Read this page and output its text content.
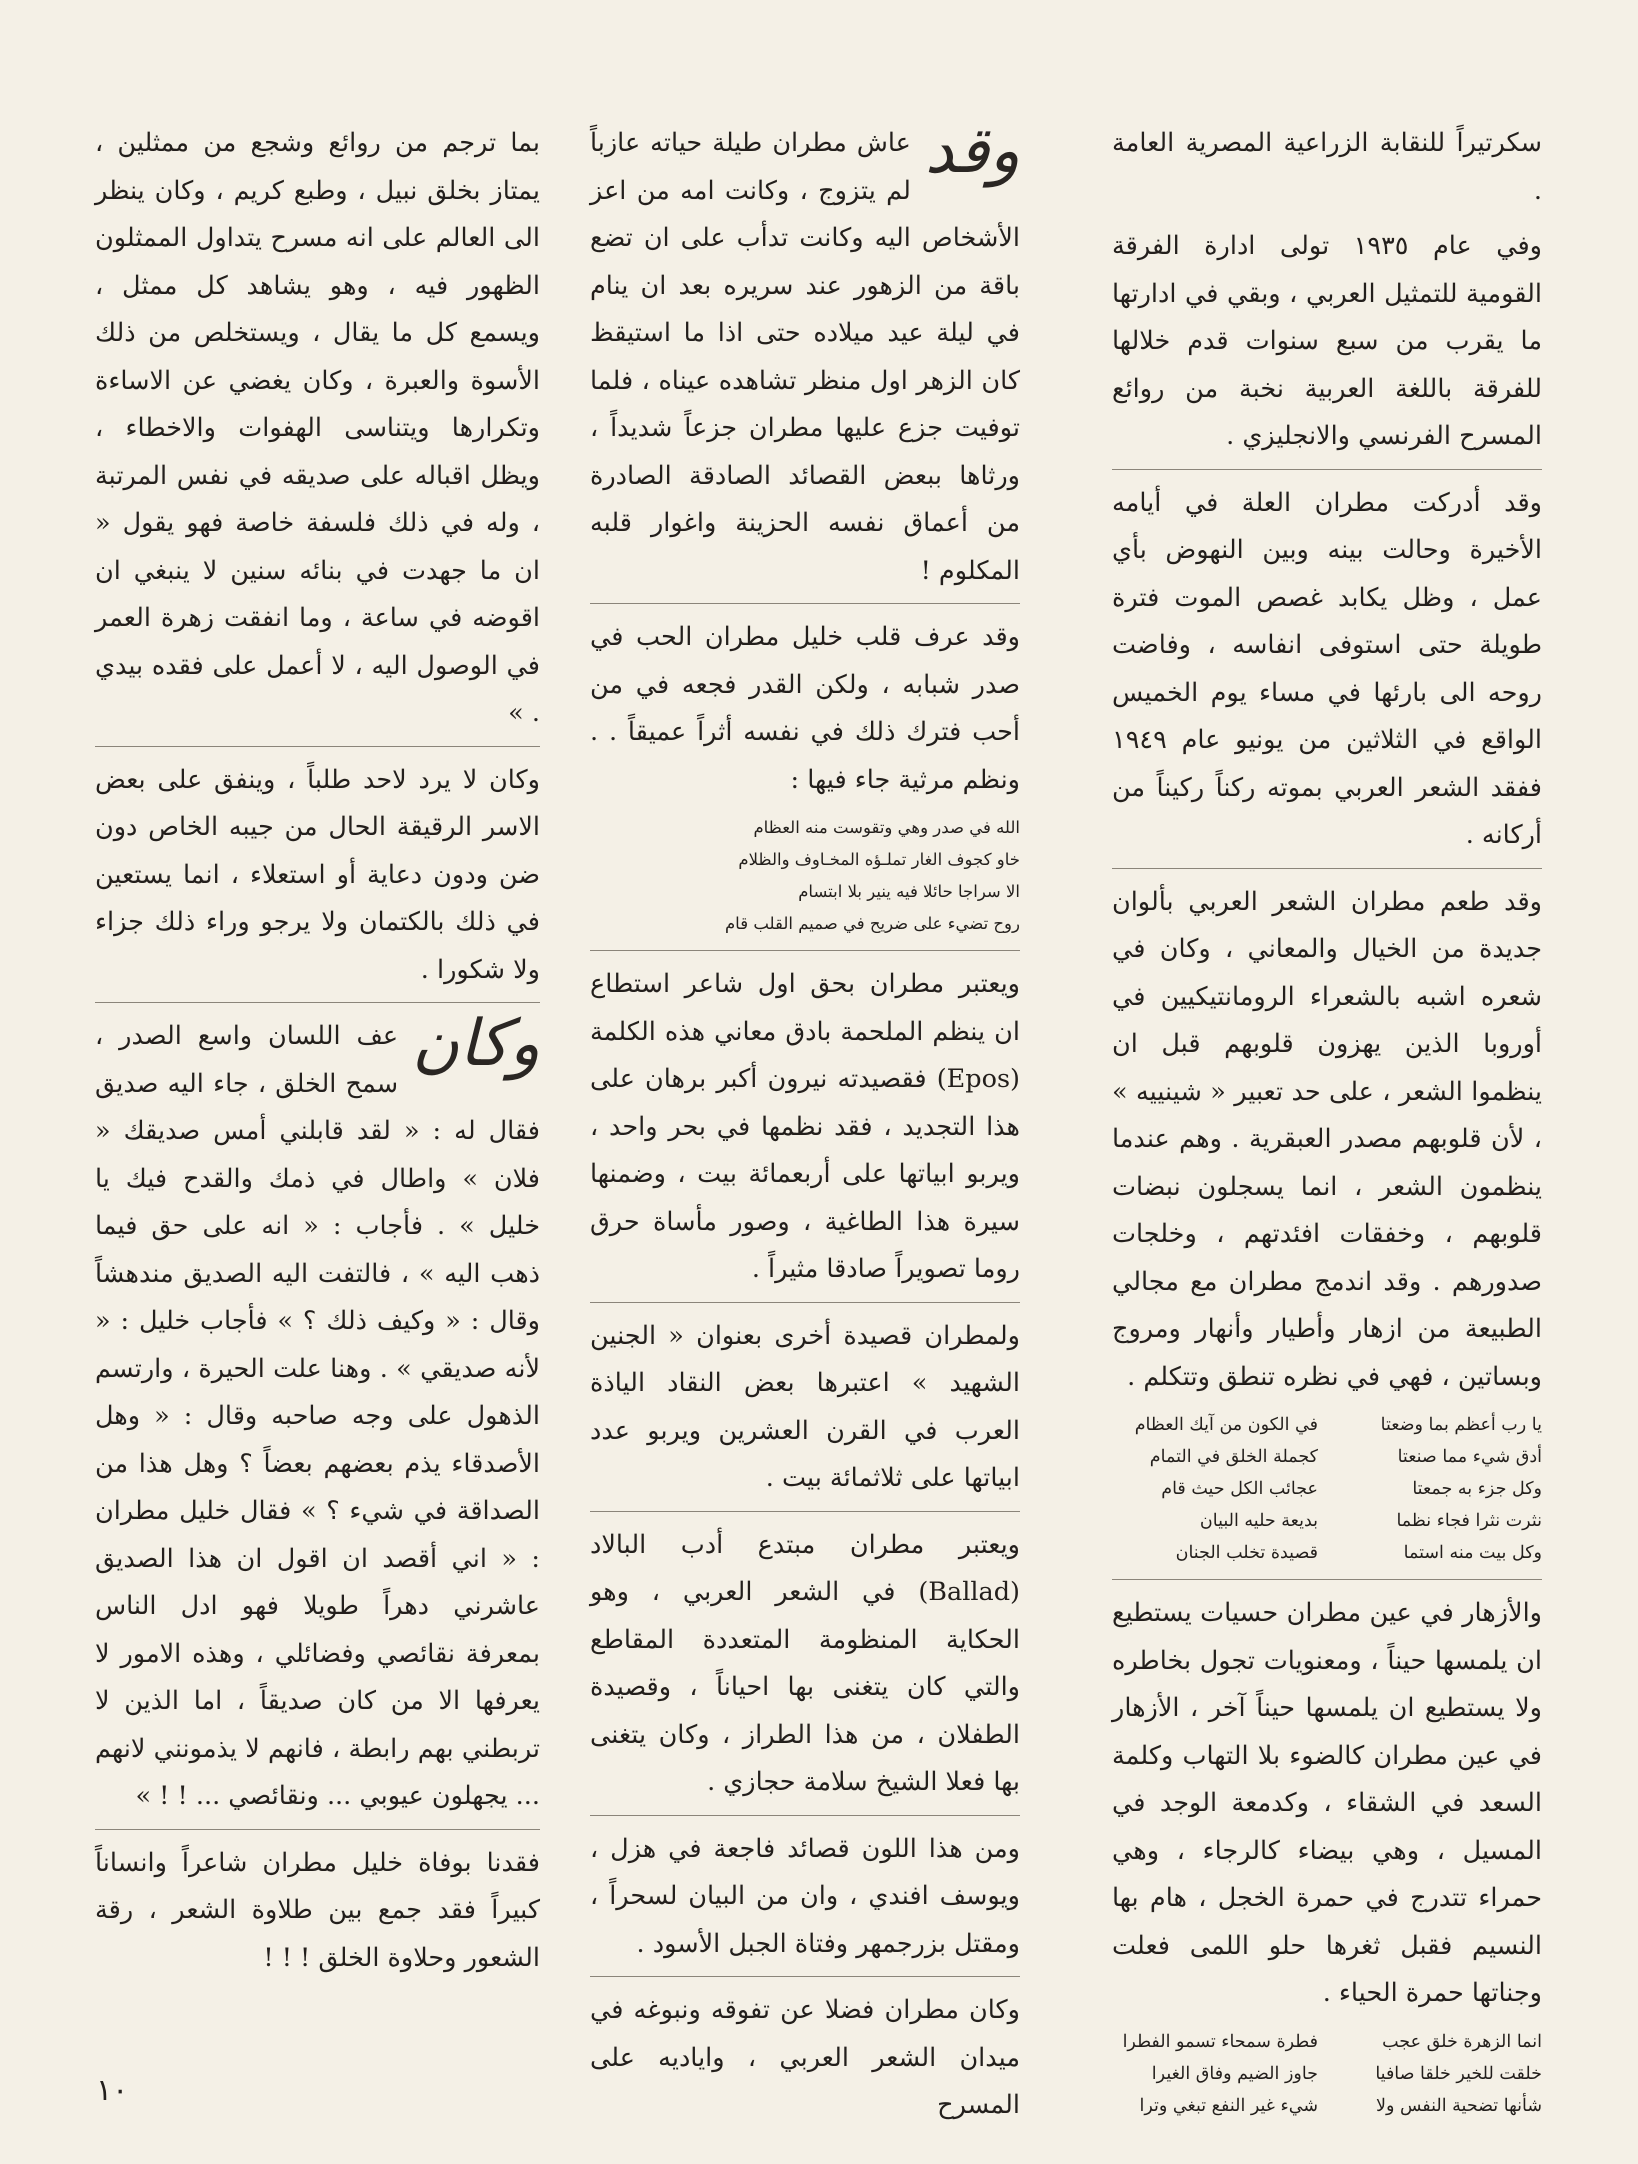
سكرتيراً للنقابة الزراعية المصرية العامة .

وفي عام ١٩٣٥ تولى ادارة الفرقة القومية للتمثيل العربي ، وبقي في ادارتها ما يقرب من سبع سنوات قدم خلالها للفرقة باللغة العربية نخبة من روائع المسرح الفرنسي والانجليزي .

وقد أدركت مطران العلة في أيامه الأخيرة وحالت بينه وبين النهوض بأي عمل ، وظل يكابد غصص الموت فترة طويلة حتى استوفى انفاسه ، وفاضت روحه الى بارئها في مساء يوم الخميس الواقع في الثلاثين من يونيو عام ١٩٤٩ ففقد الشعر العربي بموته ركناً ركيناً من أركانه .

وقد طعم مطران الشعر العربي بألوان جديدة من الخيال والمعاني ، وكان في شعره اشبه بالشعراء الرومانتيكيين في أوروبا الذين يهزون قلوبهم قبل ان ينظموا الشعر ، على حد تعبير « شينييه » ، لأن قلوبهم مصدر العبقرية . وهم عندما ينظمون الشعر ، انما يسجلون نبضات قلوبهم ، وخفقات افئدتهم ، وخلجات صدورهم . وقد اندمج مطران مع مجالي الطبيعة من ازهار وأطيار وأنهار ومروج وبساتين ، فهي في نظره تنطق وتتكلم .

يا رب أعظم بما وضعتا
في الكون من آيك العظام
أدق شيء مما صنعتا
كجملة الخلق في التمام
وكل جزء به جمعتا
عجائب الكل حيث قام
نثرت نثرا فجاء نظما
بديعة حليه البيان
وكل بيت منه استما
قصيدة تخلب الجنان

والأزهار في عين مطران حسيات يستطيع ان يلمسها حيناً ، ومعنويات تجول بخاطره ولا يستطيع ان يلمسها حيناً آخر ، الأزهار في عين مطران كالضوء بلا التهاب وكلمة السعد في الشقاء ، وكدمعة الوجد في المسيل ، وهي بيضاء كالرجاء ، وهي حمراء تتدرج في حمرة الخجل ، هام بها النسيم فقبل ثغرها حلو اللمى فعلت وجناتها حمرة الحياء .

انما الزهرة خلق عجب
فطرة سمحاء تسمو الفطرا
خلقت للخير خلقا صافيا
جاوز الضيم وفاق الغيرا
شأنها تضحية النفس ولا
شيء غير النفع تبغي وترا

وقد
عاش مطران طيلة حياته عازباً لم يتزوج ، وكانت امه من اعز الأشخاص اليه وكانت تدأب على ان تضع باقة من الزهور عند سريره بعد ان ينام في ليلة عيد ميلاده حتى اذا ما استيقظ كان الزهر اول منظر تشاهده عيناه ، فلما توفيت جزع عليها مطران جزعاً شديداً ، ورثاها ببعض القصائد الصادقة الصادرة من أعماق نفسه الحزينة واغوار قلبه المكلوم !

وقد عرف قلب خليل مطران الحب في صدر شبابه ، ولكن القدر فجعه في من أحب فترك ذلك في نفسه أثراً عميقاً . . ونظم مرثية جاء فيها :

الله في صدر وهي وتقوست منه العظام
خاو كجوف الغار تملـؤه المخـاوف والظلام
الا سراجا حائلا فيه ينير بلا ابتسام
روح تضيء على ضريح في صميم القلب قام

ويعتبر مطران بحق اول شاعر استطاع ان ينظم الملحمة بادق معاني هذه الكلمة (Epos) فقصيدته نيرون أكبر برهان على هذا التجديد ، فقد نظمها في بحر واحد ، ويربو ابياتها على أربعمائة بيت ، وضمنها سيرة هذا الطاغية ، وصور مأساة حرق روما تصويراً صادقا مثيراً .

ولمطران قصيدة أخرى بعنوان « الجنين الشهيد » اعتبرها بعض النقاد الياذة العرب في القرن العشرين ويربو عدد ابياتها على ثلاثمائة بيت .

ويعتبر مطران مبتدع أدب البالاد (Ballad) في الشعر العربي ، وهو الحكاية المنظومة المتعددة المقاطع والتي كان يتغنى بها احياناً ، وقصيدة الطفلان ، من هذا الطراز ، وكان يتغنى بها فعلا الشيخ سلامة حجازي .

ومن هذا اللون قصائد فاجعة في هزل ، ويوسف افندي ، وان من البيان لسحراً ، ومقتل بزرجمهر وفتاة الجبل الأسود .

وكان مطران فضلا عن تفوقه ونبوغه في ميدان الشعر العربي ، واياديه على المسرح

بما ترجم من روائع وشجع من ممثلين ، يمتاز بخلق نبيل ، وطبع كريم ، وكان ينظر الى العالم على انه مسرح يتداول الممثلون الظهور فيه ، وهو يشاهد كل ممثل ، ويسمع كل ما يقال ، ويستخلص من ذلك الأسوة والعبرة ، وكان يغضي عن الاساءة وتكرارها ويتناسى الهفوات والاخطاء ، ويظل اقباله على صديقه في نفس المرتبة ، وله في ذلك فلسفة خاصة فهو يقول « ان ما جهدت في بنائه سنين لا ينبغي ان اقوضه في ساعة ، وما انفقت زهرة العمر في الوصول اليه ، لا أعمل على فقده بيدي . »

وكان لا يرد لاحد طلباً ، وينفق على بعض الاسر الرقيقة الحال من جيبه الخاص دون ضن ودون دعاية أو استعلاء ، انما يستعين في ذلك بالكتمان ولا يرجو وراء ذلك جزاء ولا شكورا .

وكان
عف اللسان واسع الصدر ، سمح الخلق ، جاء اليه صديق فقال له : « لقد قابلني أمس صديقك « فلان » واطال في ذمك والقدح فيك يا خليل » . فأجاب : « انه على حق فيما ذهب اليه » ، فالتفت اليه الصديق مندهشاً وقال : « وكيف ذلك ؟ » فأجاب خليل : « لأنه صديقي » . وهنا علت الحيرة ، وارتسم الذهول على وجه صاحبه وقال : « وهل الأصدقاء يذم بعضهم بعضاً ؟ وهل هذا من الصداقة في شيء ؟ » فقال خليل مطران : « اني أقصد ان اقول ان هذا الصديق عاشرني دهراً طويلا فهو ادل الناس بمعرفة نقائصي وفضائلي ، وهذه الامور لا يعرفها الا من كان صديقاً ، اما الذين لا تربطني بهم رابطة ، فانهم لا يذمونني لانهم ... يجهلون عيوبي ... ونقائصي ... ! ! »

فقدنا بوفاة خليل مطران شاعراً وانساناً كبيراً فقد جمع بين طلاوة الشعر ، رقة الشعور وحلاوة الخلق ! ! !

١٠
